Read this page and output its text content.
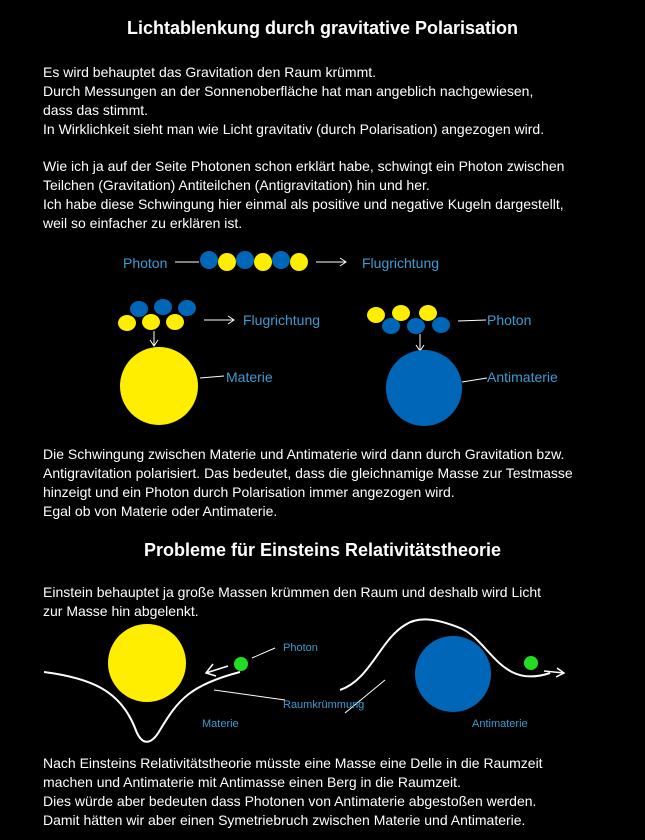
Lichtablenkung durch gravitative Polarisation
Es wird behauptet das Gravitation den Raum krümmt.
Durch Messungen an der Sonnenoberfläche hat man angeblich nachgewiesen,
dass das stimmt.
In Wirklichkeit sieht man wie Licht gravitativ (durch Polarisation) angezogen wird.
Wie ich ja auf der Seite Photonen schon erklärt habe, schwingt ein Photon zwischen
Teilchen (Gravitation) Antiteilchen (Antigravitation) hin und her.
Ich habe diese Schwingung hier einmal als positive und negative Kugeln dargestellt,
weil so einfacher zu erklären ist.
Photon	Flugrichtung
Flugrichtung	Photon
Materie	Antimaterie
Die Schwingung zwischen Materie und Antimaterie wird dann durch Gravitation bzw.
Antigravitation polarisiert. Das bedeutet, dass die gleichnamige Masse zur Testmasse
hinzeigt und ein Photon durch Polarisation immer angezogen wird.
Egal ob von Materie oder Antimaterie.
Probleme für Einsteins Relativitätstheorie
Einstein behauptet ja große Massen krümmen den Raum und deshalb wird Licht
zur Masse hin abgelenkt.
Photon
Raumkrümmung
Materie	Antimaterie
Nach Einsteins Relativitätstheorie müsste eine Masse eine Delle in die Raumzeit
machen und Antimaterie mit Antimasse einen Berg in die Raumzeit.
Dies würde aber bedeuten dass Photonen von Antimaterie abgestoßen werden.
Damit hätten wir aber einen Symetriebruch zwischen Materie und Antimaterie.
